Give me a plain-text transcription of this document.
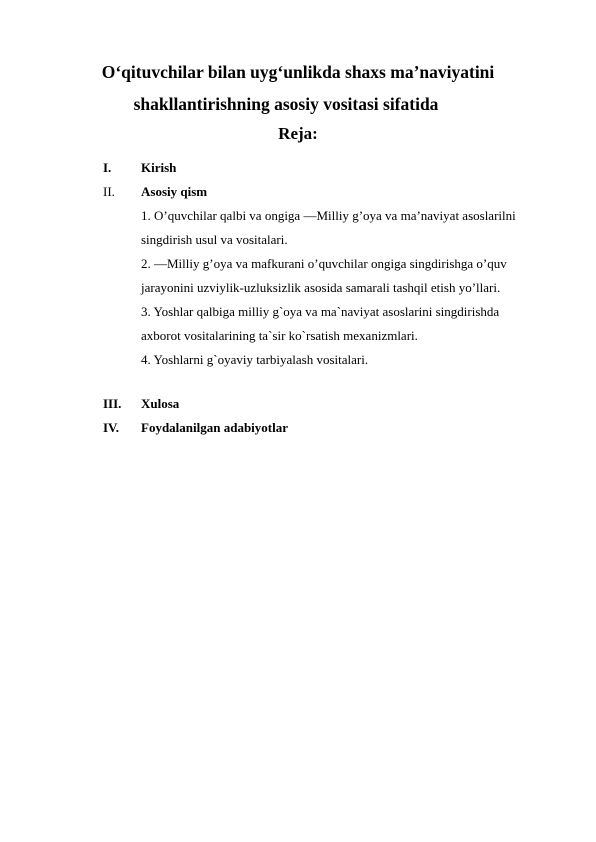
O‘qituvchilar bilan uyg‘unlikda shaxs ma’naviyatini
shakllantirishning asosiy vositasi sifatida
Reja:
I. Kirish
II. Asosiy qism
1. O’quvchilar qalbi va ongiga ―Milliy g’oya va ma’naviyat asoslarilni
singdirish usul va vositalari.
2. ―Milliy g’oya va mafkurani o’quvchilar ongiga singdirishga o’quv
jarayonini uzviylik-uzluksizlik asosida samarali tashqil etish yo’llari.
3. Yoshlar qalbiga milliy g`oya va ma`naviyat asoslarini singdirishda
axborot vositalarining ta`sir ko`rsatish mexanizmlari.
4. Yoshlarni g`oyaviy tarbiyalash vositalari.
III. Xulosa
IV. Foydalanilgan adabiyotlar
